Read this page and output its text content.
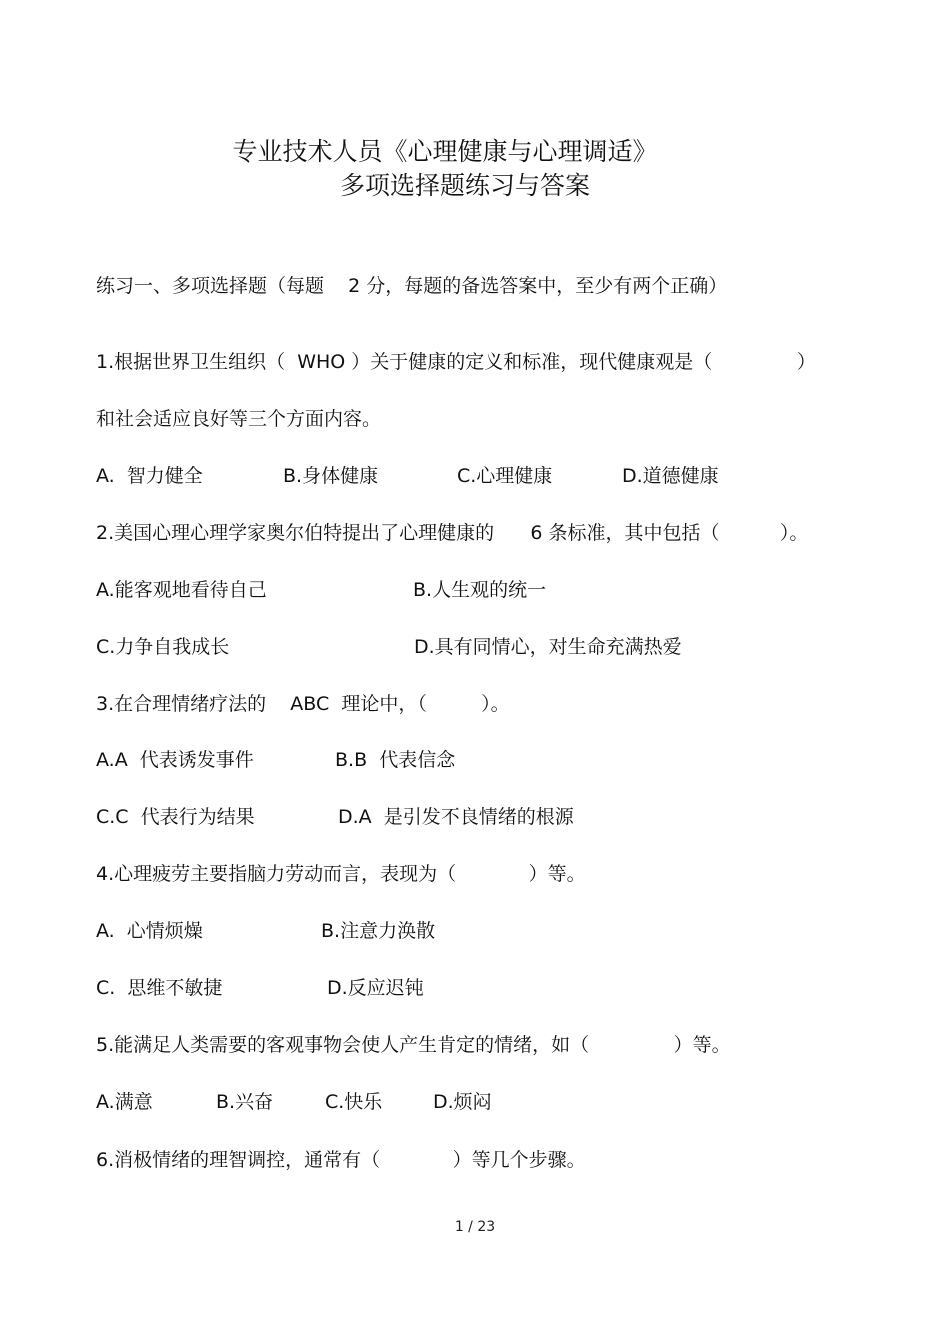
专业技术人员《心理健康与心理调适》
多项选择题练习与答案
练习一、多项选择题（每题    2 分，每题的备选答案中，至少有两个正确）
1.根据世界卫生组织（  WHO ）关于健康的定义和标准，现代健康观是（              ）
和社会适应良好等三个方面内容。
A.  智力健全	B.身体健康	C.心理健康	D.道德健康
2.美国心理心理学家奥尔伯特提出了心理健康的      6 条标准，其中包括（          ）。
A.能客观地看待自己	B.人生观的统一
C.力争自我成长	D.具有同情心，对生命充满热爱
3.在合理情绪疗法的    ABC  理论中，（         ）。
A.A  代表诱发事件	B.B  代表信念
C.C  代表行为结果	D.A  是引发不良情绪的根源
4.心理疲劳主要指脑力劳动而言，表现为（            ）等。
A.  心情烦燥	B.注意力涣散
C.  思维不敏捷	D.反应迟钝
5.能满足人类需要的客观事物会使人产生肯定的情绪，如（              ）等。
A.满意	B.兴奋	C.快乐	D.烦闷
6.消极情绪的理智调控，通常有（            ）等几个步骤。
1 / 23
